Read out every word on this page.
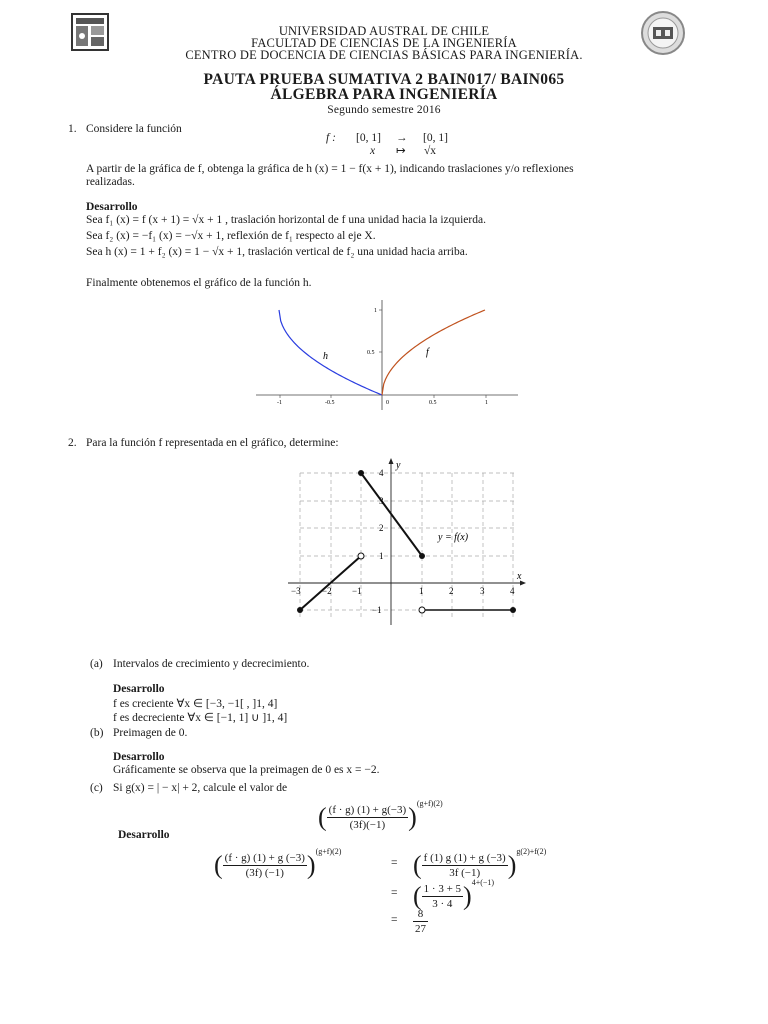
UNIVERSIDAD AUSTRAL DE CHILE
FACULTAD DE CIENCIAS DE LA INGENIERÍA
CENTRO DE DOCENCIA DE CIENCIAS BÁSICAS PARA INGENIERÍA.
PAUTA PRUEBA SUMATIVA 2 BAIN017/ BAIN065
ÁLGEBRA PARA INGENIERÍA
Segundo semestre 2016
1. Considere la función
f : [0, 1] → [0, 1]
x ↦ √x
A partir de la gráfica de f, obtenga la gráfica de h (x) = 1 − f(x + 1), indicando traslaciones y/o reflexiones
realizadas.
Desarrollo
Sea f₁ (x) = f (x + 1) = √x + 1 , traslación horizontal de f una unidad hacia la izquierda.
Sea f₂ (x) = −f₁ (x) = −√x + 1, reflexión de f₁ respecto al eje X.
Sea h (x) = 1 + f₂ (x) = 1 − √x + 1, traslación vertical de f₂ una unidad hacia arriba.
Finalmente obtenemos el gráfico de la función h.
h	f
-1	-0.5	0	0.5	1
1
0.5
2. Para la función f representada en el gráfico, determine:
x
y
y = f(x)
−3 −2 −1	1	2	3	4
4
3
2
1
−1
(a) Intervalos de crecimiento y decrecimiento.
Desarrollo
f es creciente ∀x ∈ [−3, −1[ , ]1, 4]
f es decreciente ∀x ∈ [−1, 1] ∪ ]1, 4]
(b) Preimagen de 0.
Desarrollo
Gráficamente se observa que la preimagen de 0 es x = −2.
(c) Si g(x) = | − x| + 2, calcule el valor de
( $\frac{(f \cdot g) (1) + g(-3)}{(3f)(-1)} )^{(g+f)(2)}$
Desarrollo
( $\frac{(f \cdot g) (1) + g (-3)}{(3f) (-1)} )^{(g+f)(2)}$
= ( $\frac{f (1) g (1) + g (-3)}{3f (-1)} )^{g(2)+f(2)}$
= ( $\frac{1 \cdot 3 + 5}{3 \cdot 4} )^{4+(-1)}$
= $\frac{8}{27}$
